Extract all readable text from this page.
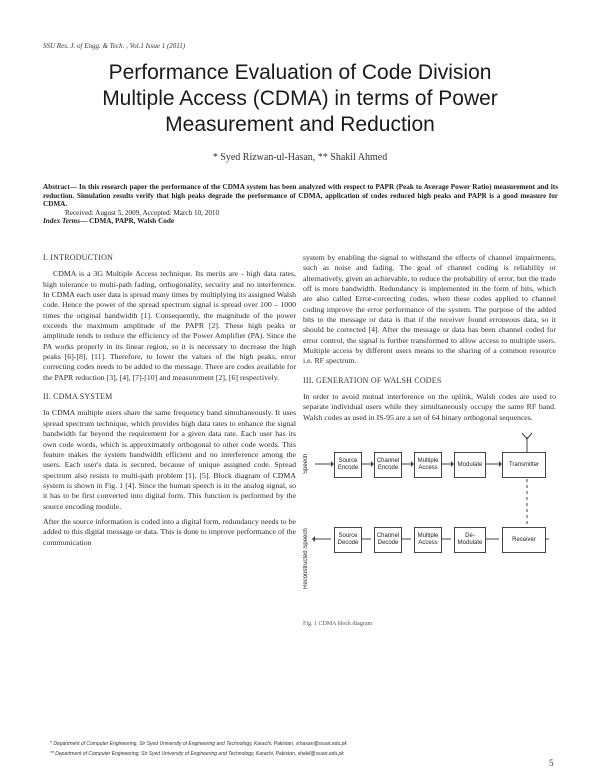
SSU Res. J. of Engg. & Tech. , Vol.1 Issue 1 (2011)
Performance Evaluation of Code Division
Multiple Access (CDMA) in terms of Power
Measurement and Reduction
* Syed Rizwan-ul-Hasan, ** Shakil Ahmed
Abstract— In this research paper the performance of the CDMA system has been analyzed with respect to PAPR (Peak to Average Power Ratio) measurement and its reduction. Simulation results verify that high peaks degrade the performance of CDMA, application of codes reduced high peaks and PAPR is a good measure for CDMA.
Received: August 5, 2009, Accepted: March 10, 2010
Index Terms— CDMA, PAPR, Walsh Code

I. INTRODUCTION

CDMA is a 3G Multiple Access technique. Its merits are - high data rates, high tolerance to multi-path fading, orthogonality, security and no interference. In CDMA each user data is spread many times by multiplying its assigned Walsh code. Hence the power of the spread spectrum signal is spread over 100 – 1000 times the original bandwidth [1]. Consequently, the magnitude of the power exceeds the maximum amplitude of the PAPR [2]. These high peaks or amplitude tends to reduce the efficiency of the Power Amplifier (PA). Since the PA works properly in its linear region, so it is necessary to decrease the high peaks [6]-[8], [11]. Therefore, to lower the values of the high peaks, error correcting codes needs to be added to the message. There are codes available for the PAPR reduction [3], [4], [7]-[10] and measurement [2], [6] respectively.

II. CDMA SYSTEM

In CDMA multiple users share the same frequency band simultaneously. It uses spread spectrum technique, which provides high data rates to enhance the signal bandwidth far beyond the requirement for a given data rate. Each user has its own code words, which is approximately orthogonal to other code words. This feature makes the system bandwidth efficient and no interference among the users. Each user's data is secured, because of unique assigned code. Spread spectrum also resists to multi-path problem [1], [5]. Block diagram of CDMA system is shown in Fig. 1 [4]. Since the human speech is in the analog signal, so it has to be first converted into digital form. This function is performed by the source encoding module.

After the source information is coded into a digital form, redundancy needs to be added to this digital message or data. This is done to improve performance of the communication

system by enabling the signal to withstand the effects of channel impairments, such as noise and fading. The goal of channel coding is reliability or alternatively, given an achievable, to reduce the probability of error, but the trade off is more bandwidth. Redundancy is implemented in the form of bits, which are also called Error-correcting codes, when these codes applied to channel coding improve the error performance of the system. The purpose of the added bits to the message or data is that if the receiver found erroneous data, so it should be corrected [4]. After the message or data has been channel coded for error control, the signal is further transformed to allow access to multiple users. Multiple access by different users means to the sharing of a common resource i.e. RF spectrum.

III. GENERATION OF WALSH CODES

In order to avoid mutual interference on the uplink, Walsh codes are used to separate individual users while they simultaneously occupy the same RF band. Walsh codes as used in IS-95 are a set of 64 binary orthogonal sequences.

Speech
Reconstructed Speech
Source Encode
Channel Encode
Multiple Access
Modulate	Transmitter
Source Decode
Channel Decode
Multiple Access
De-Modulate
Receiver
Fig. 1 CDMA block diagram
* Department of Computer Engineering, Sir Syed University of Engineering and Technology, Karachi, Pakistan, srhasan@ssuet.edu.pk
** Department of Computer Engineering, Sir Syed University of Engineering and Technology, Karachi, Pakistan, shakil@ssuet.edu.pk
5
